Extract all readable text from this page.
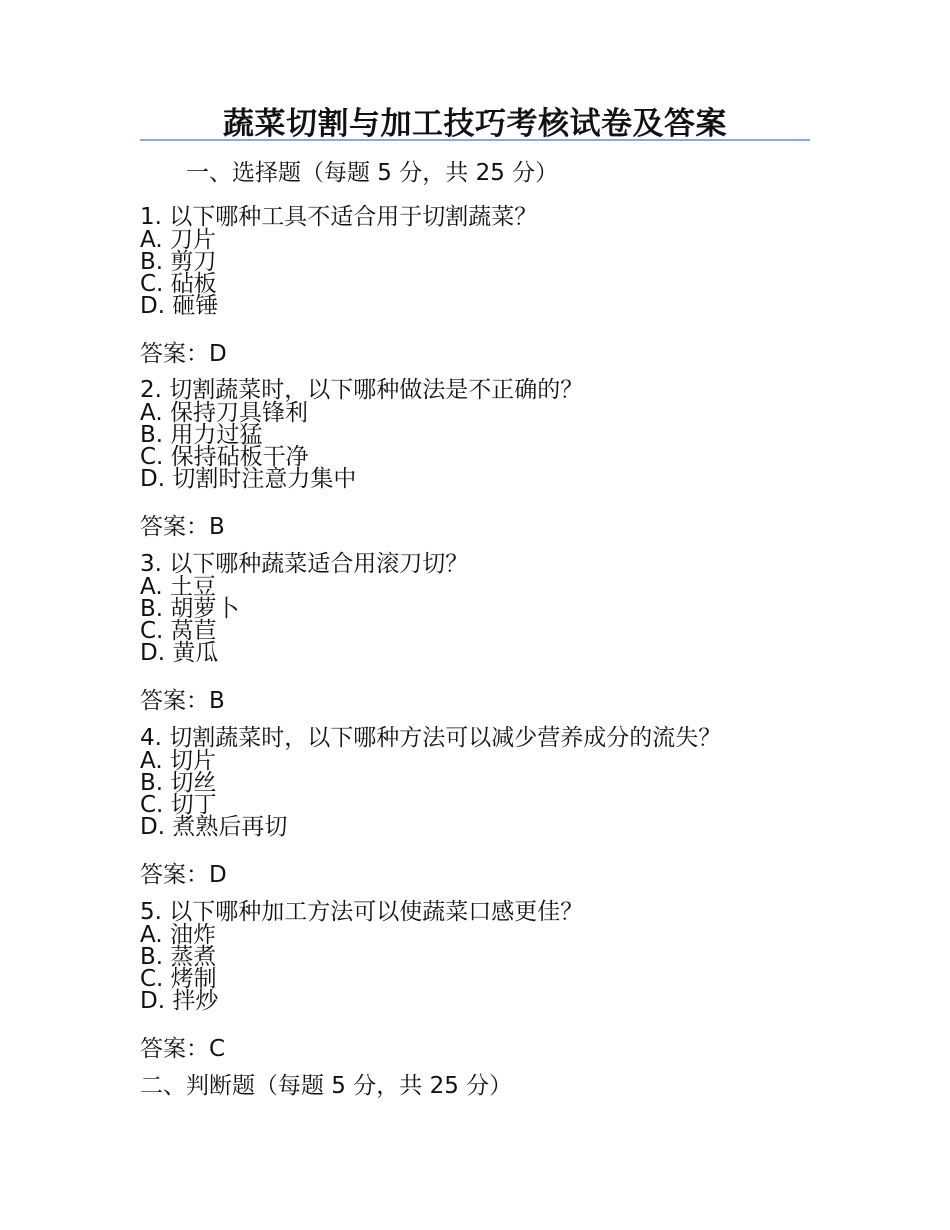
蔬菜切割与加工技巧考核试卷及答案
一、选择题（每题 5 分，共 25 分）
1. 以下哪种工具不适合用于切割蔬菜？
A. 刀片
B. 剪刀
C. 砧板
D. 砸锤
答案：D
2. 切割蔬菜时，以下哪种做法是不正确的？
A. 保持刀具锋利
B. 用力过猛
C. 保持砧板干净
D. 切割时注意力集中
答案：B
3. 以下哪种蔬菜适合用滚刀切？
A. 土豆
B. 胡萝卜
C. 莴苣
D. 黄瓜
答案：B
4. 切割蔬菜时，以下哪种方法可以减少营养成分的流失？
A. 切片
B. 切丝
C. 切丁
D. 煮熟后再切
答案：D
5. 以下哪种加工方法可以使蔬菜口感更佳？
A. 油炸
B. 蒸煮
C. 烤制
D. 拌炒
答案：C
二、判断题（每题 5 分，共 25 分）
